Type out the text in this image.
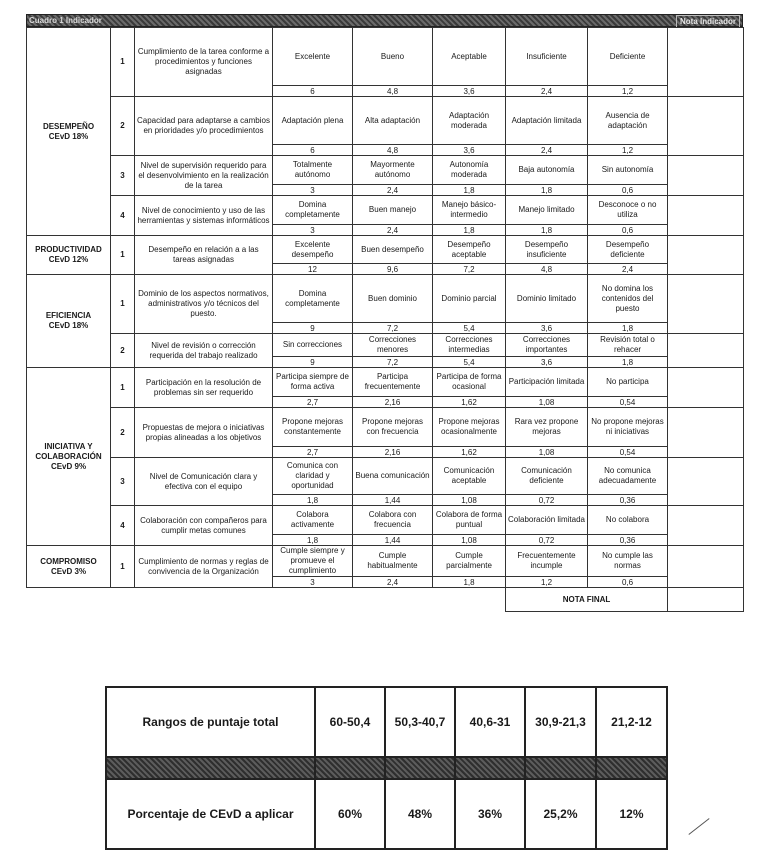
Cuadro 1 Indicador	Nota Indicador
DESEMPEÑO
CEvD 18%	1	Cumplimiento de la tarea conforme a procedimientos y funciones asignadas	Excelente	Bueno	Aceptable	Insuficiente	Deficiente	
			6	4,8	3,6	2,4	1,2	
	2	Capacidad para adaptarse a cambios en prioridades y/o procedimientos	Adaptación plena	Alta adaptación	Adaptación moderada	Adaptación limitada	Ausencia de adaptación	
			6	4,8	3,6	2,4	1,2	
	3	Nivel de supervisión requerido para el desenvolvimiento en la realización de la tarea	Totalmente autónomo	Mayormente autónomo	Autonomía moderada	Baja autonomía	Sin autonomía	
			3	2,4	1,8	1,8	0,6	
	4	Nivel de conocimiento y uso de las herramientas y sistemas informáticos	Domina completamente	Buen manejo	Manejo básico-intermedio	Manejo limitado	Desconoce o no utiliza	
			3	2,4	1,8	1,8	0,6	

PRODUCTIVIDAD
CEvD 12%	1	Desempeño en relación a a las tareas asignadas	Excelente desempeño	Buen desempeño	Desempeño aceptable	Desempeño insuficiente	Desempeño deficiente	
			12	9,6	7,2	4,8	2,4	

EFICIENCIA
CEvD 18%	1	Dominio de los aspectos normativos, administrativos y/o técnicos del puesto.	Domina completamente	Buen dominio	Dominio parcial	Dominio limitado	No domina los contenidos del puesto	
			9	7,2	5,4	3,6	1,8	
	2	Nivel de revisión o corrección requerida del trabajo realizado	Sin correcciones	Correcciones menores	Correcciones intermedias	Correcciones importantes	Revisión total o rehacer	
			9	7,2	5,4	3,6	1,8	

INICIATIVA Y COLABORACIÓN
CEvD 9%	1	Participación en la resolución de problemas sin ser requerido	Participa siempre de forma activa	Participa frecuentemente	Participa de forma ocasional	Participación limitada	No participa	
			2,7	2,16	1,62	1,08	0,54	
	2	Propuestas de mejora o iniciativas propias alineadas a los objetivos	Propone mejoras constantemente	Propone mejoras con frecuencia	Propone mejoras ocasionalmente	Rara vez propone mejoras	No propone mejoras ni iniciativas	
			2,7	2,16	1,62	1,08	0,54	
	3	Nivel de Comunicación clara y efectiva con el equipo	Comunica con claridad y oportunidad	Buena comunicación	Comunicación aceptable	Comunicación deficiente	No comunica adecuadamente	
			1,8	1,44	1,08	0,72	0,36	
	4	Colaboración con compañeros para cumplir metas comunes	Colabora activamente	Colabora con frecuencia	Colabora de forma puntual	Colaboración limitada	No colabora	
			1,8	1,44	1,08	0,72	0,36	

COMPROMISO
CEvD 3%	1	Cumplimiento de normas y reglas de convivencia de la Organización	Cumple siempre y promueve el cumplimiento	Cumple habitualmente	Cumple parcialmente	Frecuentemente incumple	No cumple las normas	
			3	2,4	1,8	1,2	0,6	
						NOTA FINAL		
Rangos de puntaje total	60-50,4	50,3-40,7	40,6-31	30,9-21,3	21,2-12

Porcentaje de CEvD a aplicar	60%	48%	36%	25,2%	12%
